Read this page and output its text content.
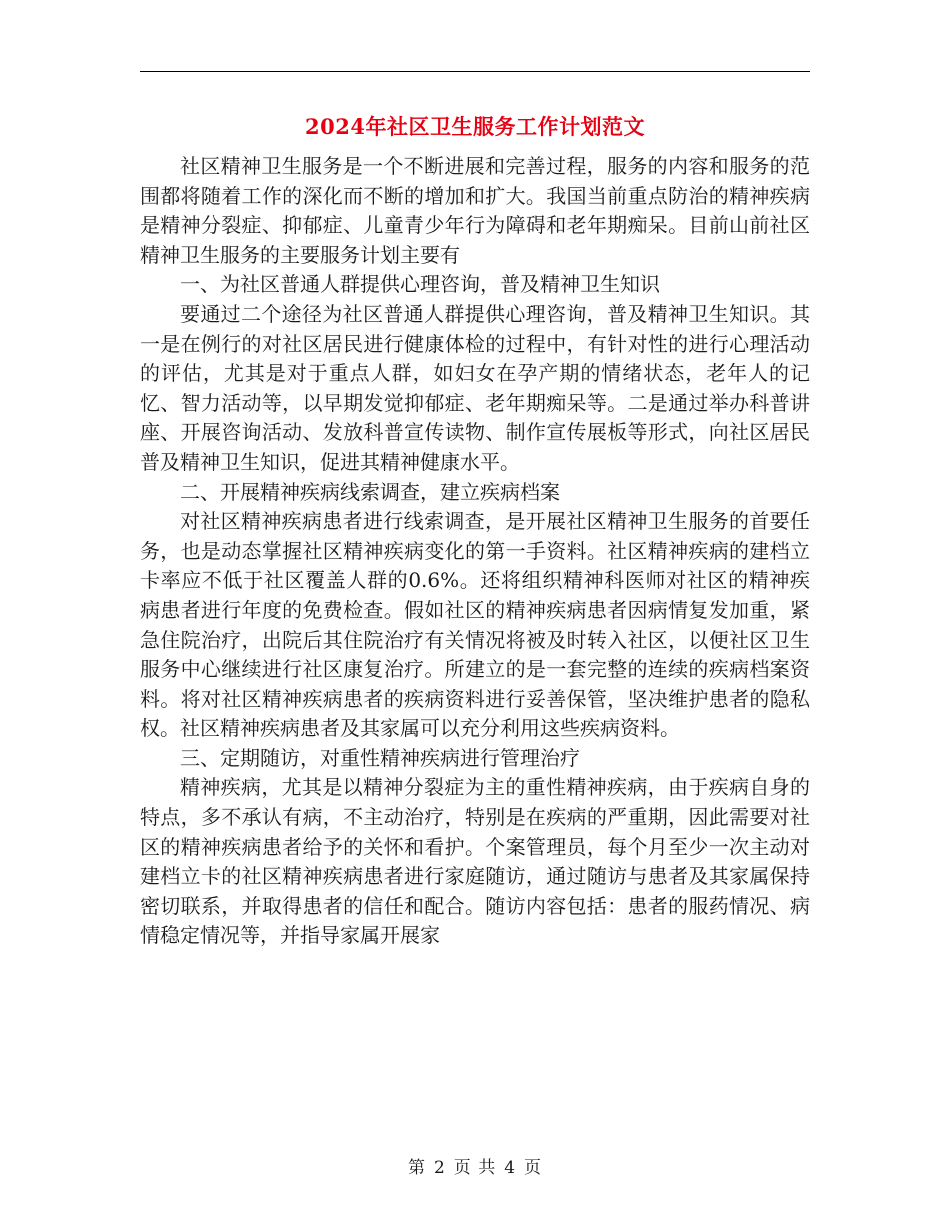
2024年社区卫生服务工作计划范文

社区精神卫生服务是一个不断进展和完善过程，服务的内容和服务的范围都将随着工作的深化而不断的增加和扩大。我国当前重点防治的精神疾病是精神分裂症、抑郁症、儿童青少年行为障碍和老年期痴呆。目前山前社区精神卫生服务的主要服务计划主要有

一、为社区普通人群提供心理咨询，普及精神卫生知识

要通过二个途径为社区普通人群提供心理咨询，普及精神卫生知识。其一是在例行的对社区居民进行健康体检的过程中，有针对性的进行心理活动的评估，尤其是对于重点人群，如妇女在孕产期的情绪状态，老年人的记忆、智力活动等，以早期发觉抑郁症、老年期痴呆等。二是通过举办科普讲座、开展咨询活动、发放科普宣传读物、制作宣传展板等形式，向社区居民普及精神卫生知识，促进其精神健康水平。

二、开展精神疾病线索调查，建立疾病档案

对社区精神疾病患者进行线索调查，是开展社区精神卫生服务的首要任务，也是动态掌握社区精神疾病变化的第一手资料。社区精神疾病的建档立卡率应不低于社区覆盖人群的0.6%。还将组织精神科医师对社区的精神疾病患者进行年度的免费检查。假如社区的精神疾病患者因病情复发加重，紧急住院治疗，出院后其住院治疗有关情况将被及时转入社区，以便社区卫生服务中心继续进行社区康复治疗。所建立的是一套完整的连续的疾病档案资料。将对社区精神疾病患者的疾病资料进行妥善保管，坚决维护患者的隐私权。社区精神疾病患者及其家属可以充分利用这些疾病资料。

三、定期随访，对重性精神疾病进行管理治疗

精神疾病，尤其是以精神分裂症为主的重性精神疾病，由于疾病自身的特点，多不承认有病，不主动治疗，特别是在疾病的严重期，因此需要对社区的精神疾病患者给予的关怀和看护。个案管理员，每个月至少一次主动对建档立卡的社区精神疾病患者进行家庭随访，通过随访与患者及其家属保持密切联系，并取得患者的信任和配合。随访内容包括：患者的服药情况、病情稳定情况等，并指导家属开展家

第 2 页 共 4 页
